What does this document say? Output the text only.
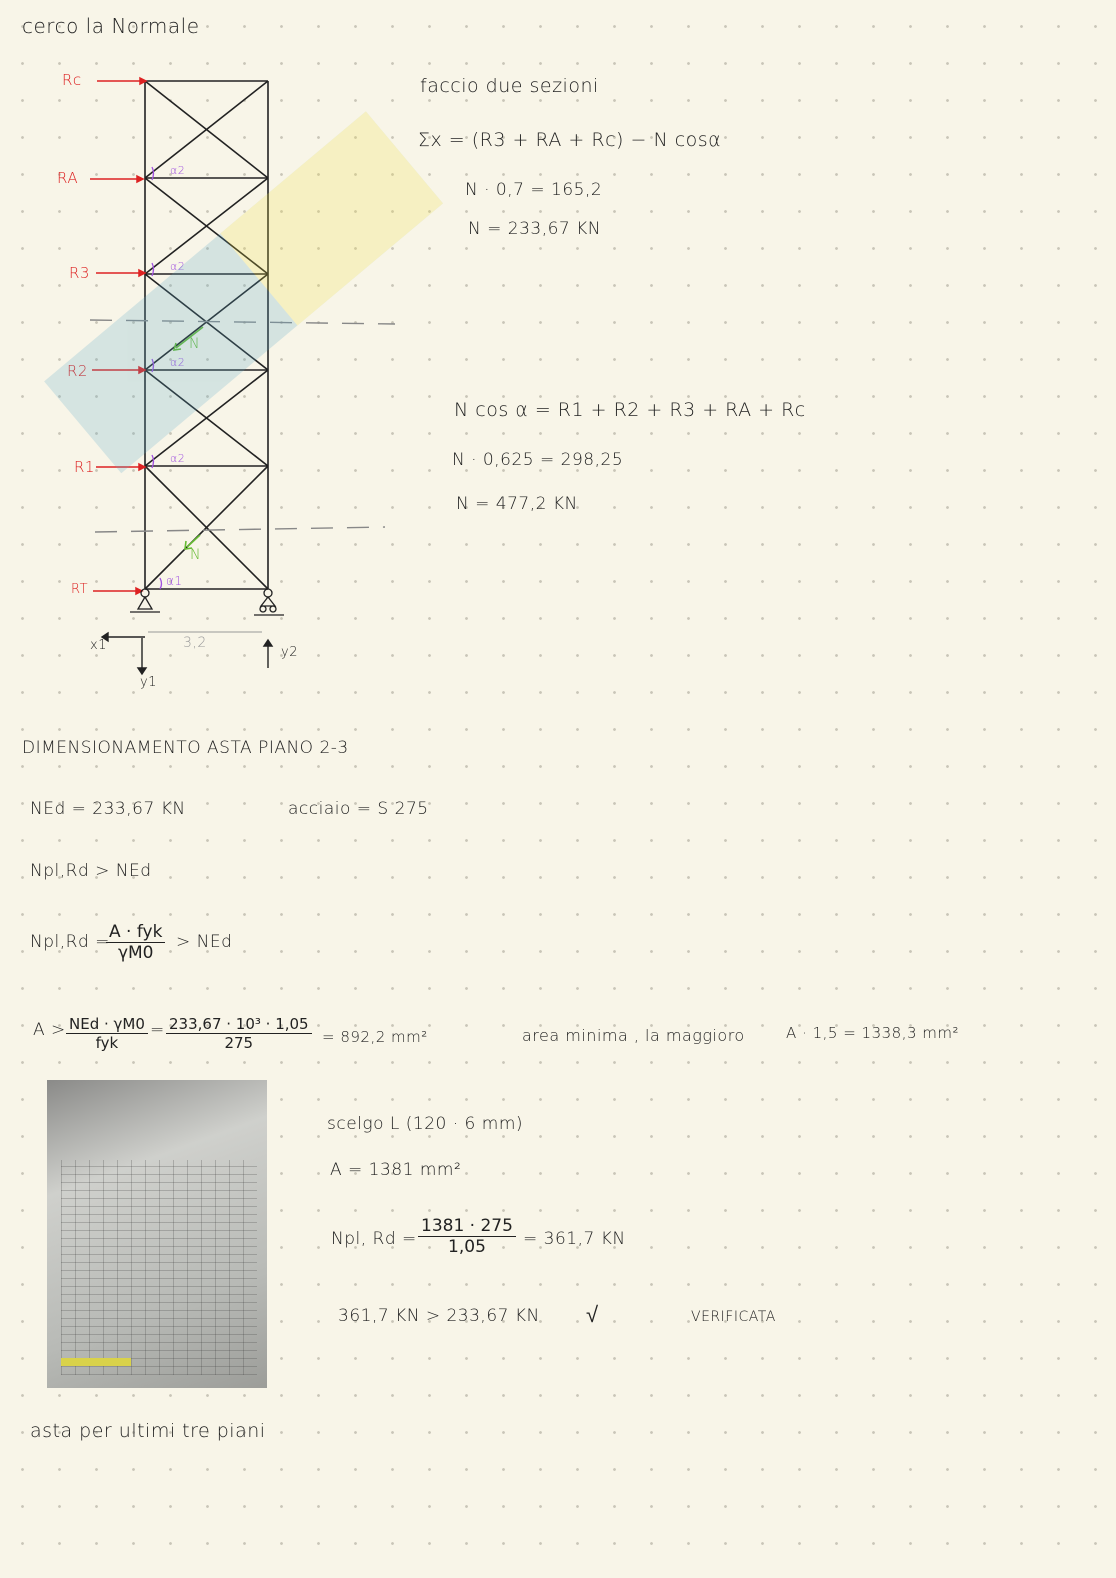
cerco la Normale
Rc
RA
R3
R2
R1
RT
α2
α2
α2
α2
α1
N
N
3,2
x1
y1
y2
faccio due sezioni
Σx = (R3 + RA + Rc) − N cosα
N · 0,7 = 165,2
N = 233,67 KN
N cos α = R1 + R2 + R3 + RA + Rc
N · 0,625 = 298,25
N = 477,2 KN
DIMENSIONAMENTO ASTA PIANO 2-3
NEd = 233,67 KN	acciaio = S 275
Npl,Rd > NEd
Npl,Rd = A · fyk
γM0
> NEd
A > NEd · γM0
fyk
= $\frac{\text{233,67 · 10³ · 1,05}}{275} = 892,2$ mm²	area minima , la maggioro	A · 1,5 = 1338,3 mm²
scelgo L (120 · 6 mm)
A = 1381 mm²
Npl, $Rd = \frac{1381 \cdot 275}{1,05} = 361,7$ KN
361,7 KN > 233,67 KN √	VERIFICATA
asta per ultimi tre piani
